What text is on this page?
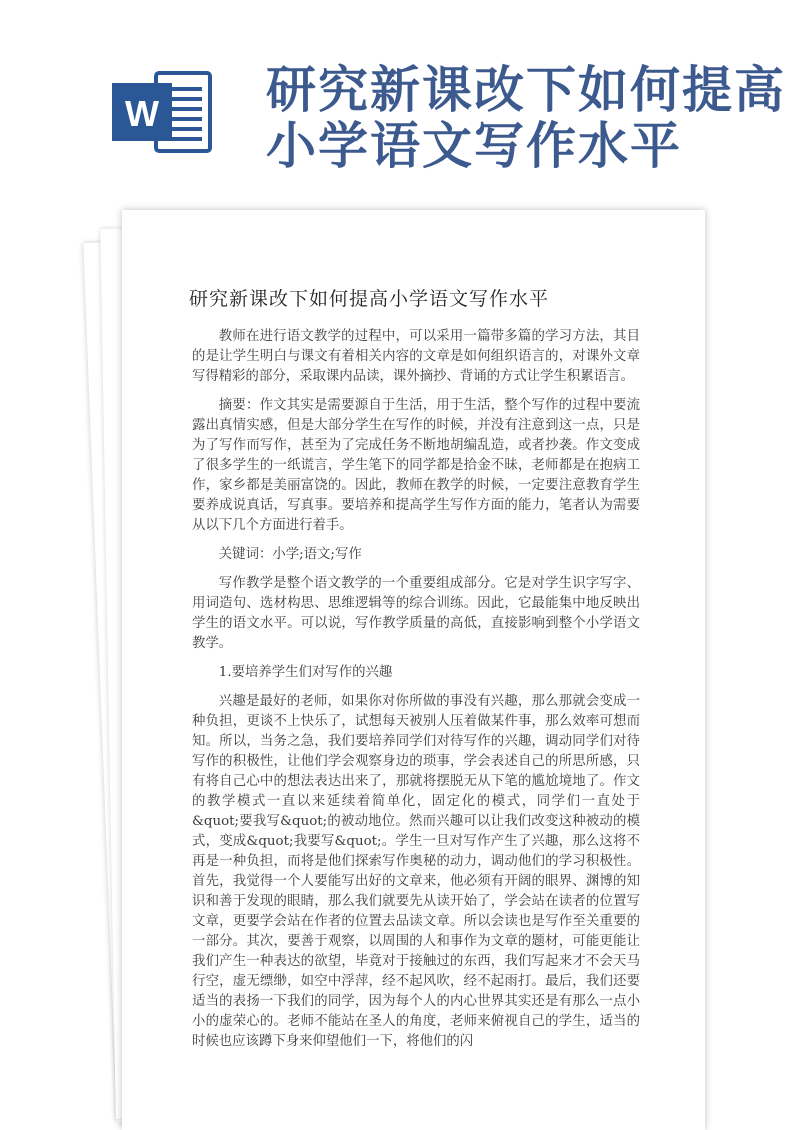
W 研究新课改下如何提高
小学语文写作水平
研究新课改下如何提高小学语文写作水平

教师在进行语文教学的过程中，可以采用一篇带多篇的学习方法，其目的是让学生明白与课文有着相关内容的文章是如何组织语言的，对课外文章写得精彩的部分，采取课内品读，课外摘抄、背诵的方式让学生积累语言。

摘要：作文其实是需要源自于生活，用于生活，整个写作的过程中要流露出真情实感，但是大部分学生在写作的时候，并没有注意到这一点，只是为了写作而写作，甚至为了完成任务不断地胡编乱造，或者抄袭。作文变成了很多学生的一纸谎言，学生笔下的同学都是拾金不昧，老师都是在抱病工作，家乡都是美丽富饶的。因此，教师在教学的时候，一定要注意教育学生要养成说真话，写真事。要培养和提高学生写作方面的能力，笔者认为需要从以下几个方面进行着手。

关键词：小学;语文;写作

写作教学是整个语文教学的一个重要组成部分。它是对学生识字写字、用词造句、选材构思、思维逻辑等的综合训练。因此，它最能集中地反映出学生的语文水平。可以说，写作教学质量的高低，直接影响到整个小学语文教学。

1.要培养学生们对写作的兴趣

兴趣是最好的老师，如果你对你所做的事没有兴趣，那么那就会变成一种负担，更谈不上快乐了，试想每天被别人压着做某件事，那么效率可想而知。所以，当务之急，我们要培养同学们对待写作的兴趣，调动同学们对待写作的积极性，让他们学会观察身边的琐事，学会表述自己的所思所感，只有将自己心中的想法表达出来了，那就将摆脱无从下笔的尴尬境地了。作文的教学模式一直以来延续着简单化，固定化的模式，同学们一直处于&quot;要我写&quot;的被动地位。然而兴趣可以让我们改变这种被动的模式，变成&quot;我要写&quot;。学生一旦对写作产生了兴趣，那么这将不再是一种负担，而将是他们探索写作奥秘的动力，调动他们的学习积极性。首先，我觉得一个人要能写出好的文章来，他必须有开阔的眼界、渊博的知识和善于发现的眼睛，那么我们就要先从读开始了，学会站在读者的位置写文章，更要学会站在作者的位置去品读文章。所以会读也是写作至关重要的一部分。其次，要善于观察，以周围的人和事作为文章的题材，可能更能让我们产生一种表达的欲望，毕竟对于接触过的东西，我们写起来才不会天马行空，虚无缥缈，如空中浮萍，经不起风吹，经不起雨打。最后，我们还要适当的表扬一下我们的同学，因为每个人的内心世界其实还是有那么一点小小的虚荣心的。老师不能站在圣人的角度，老师来俯视自己的学生，适当的时候也应该蹲下身来仰望他们一下，将他们的闪
